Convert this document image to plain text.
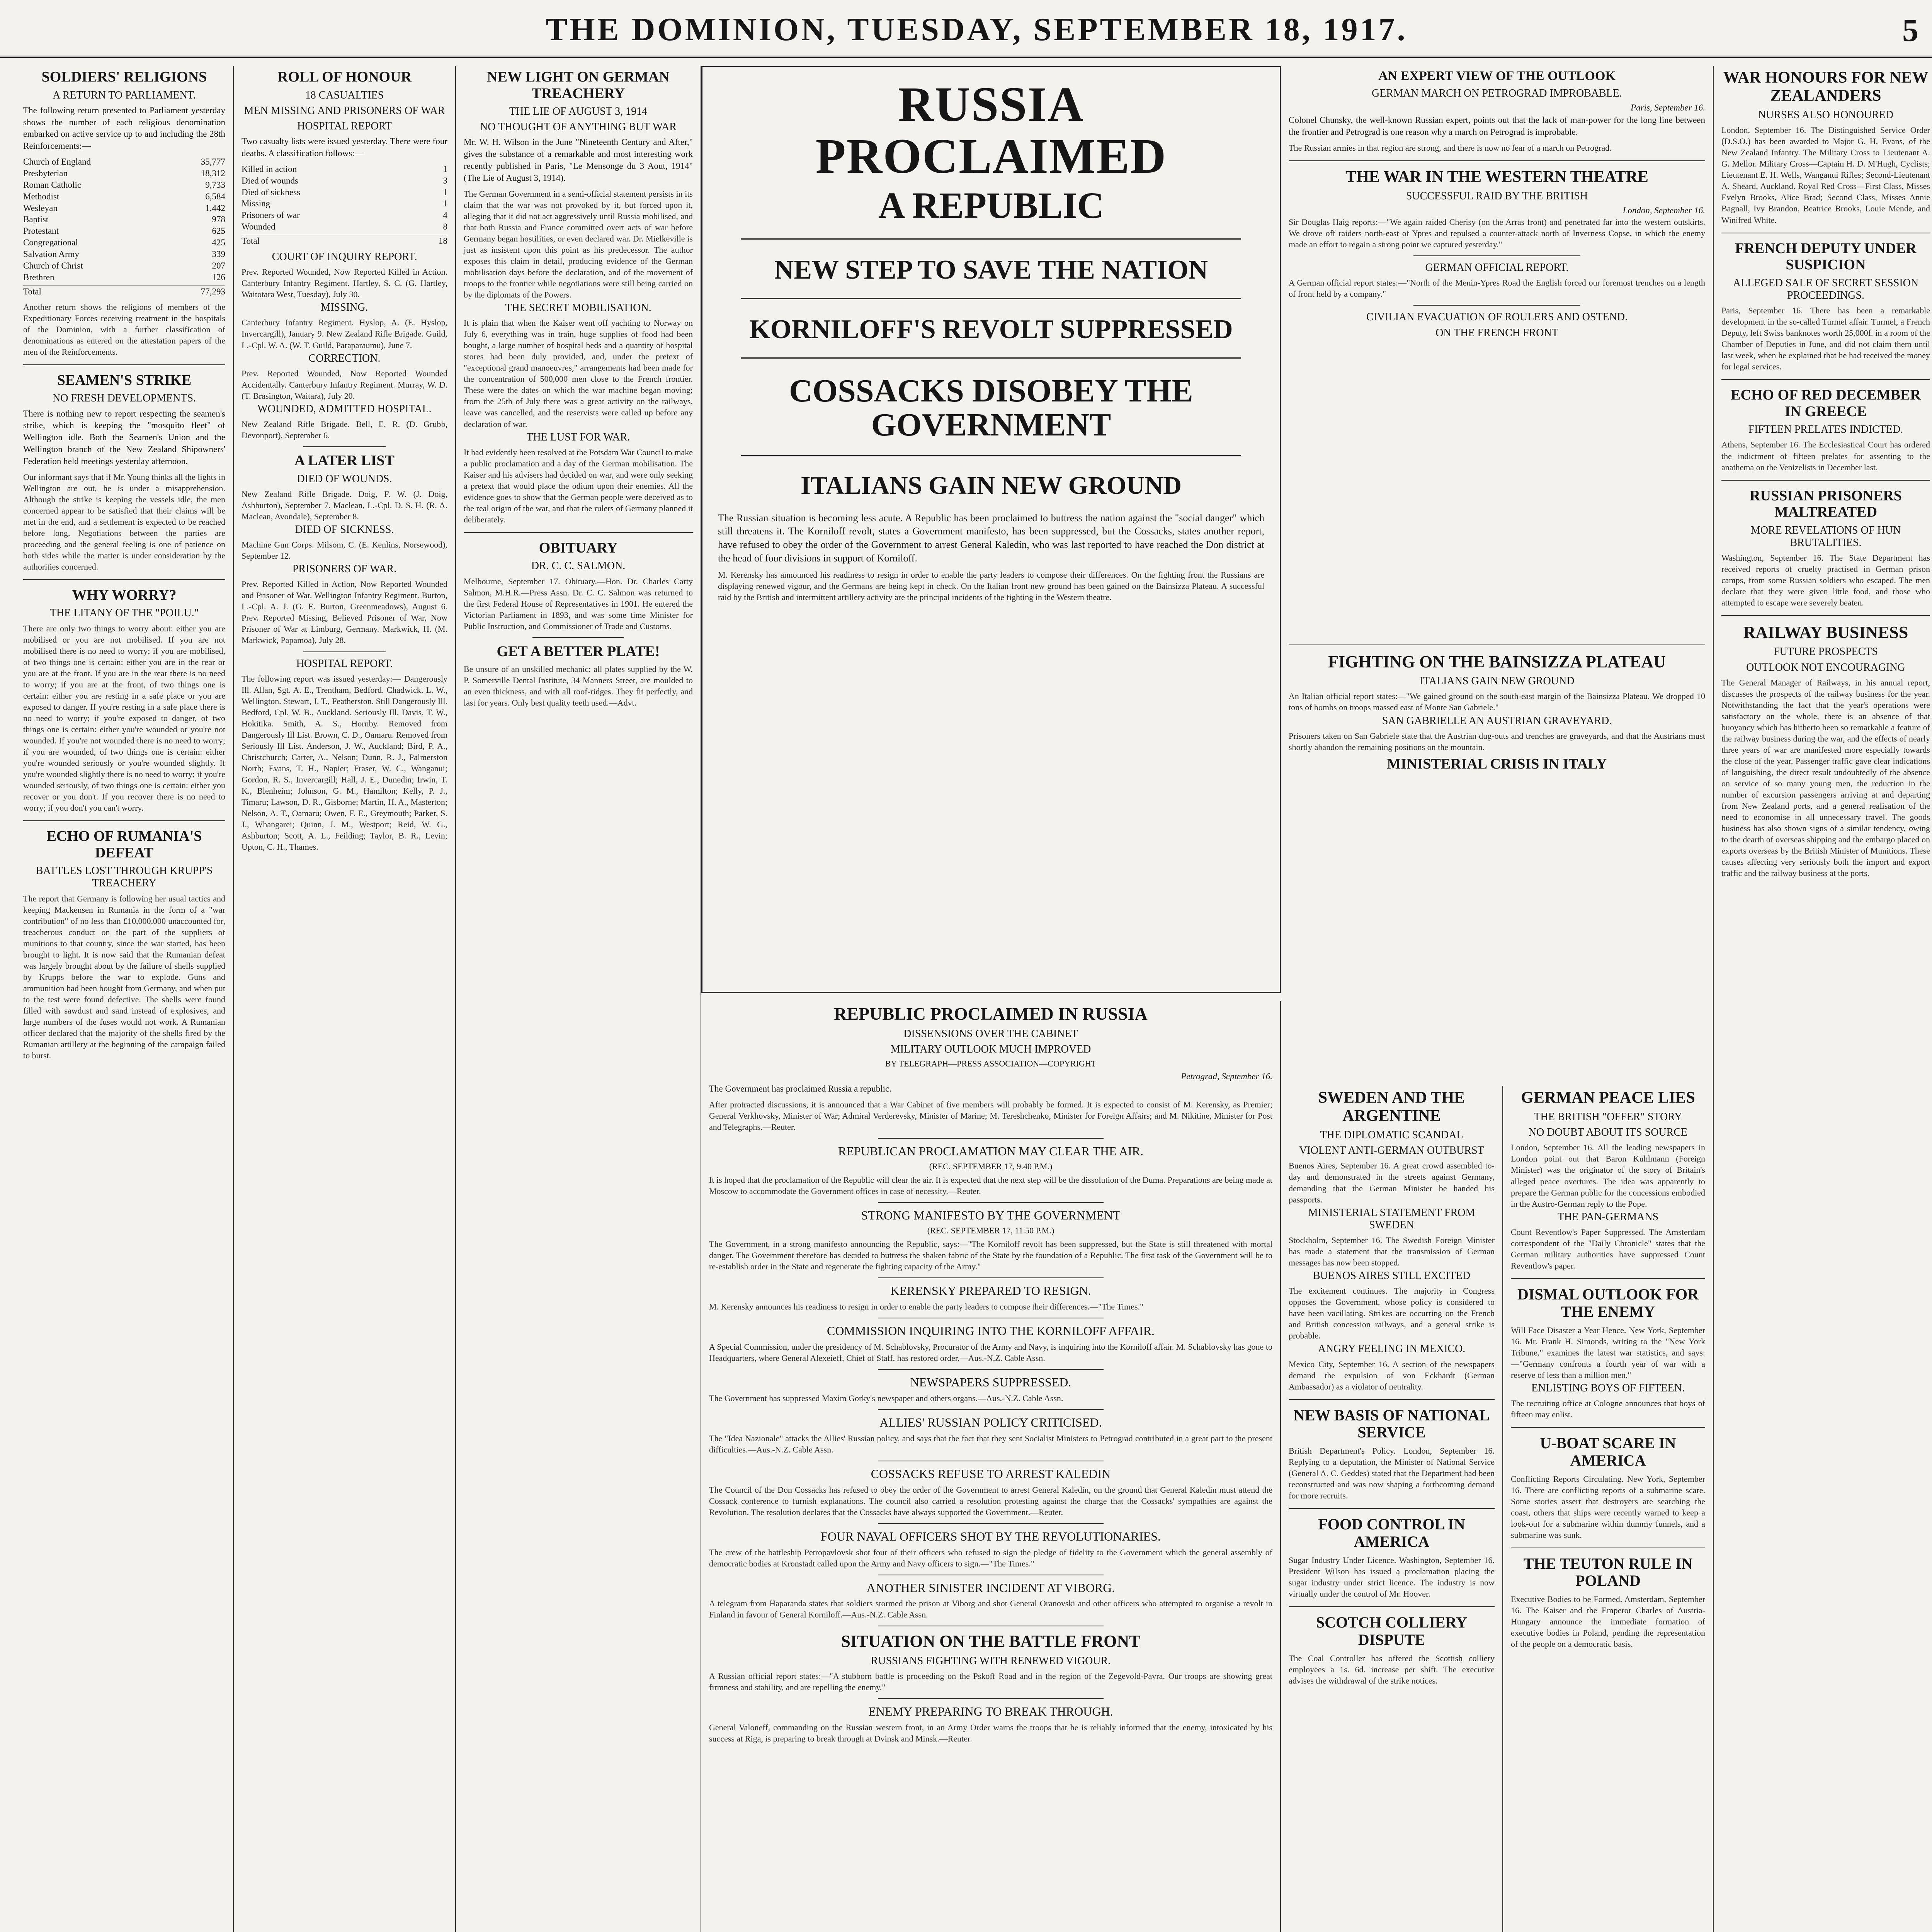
THE DOMINION, TUESDAY, SEPTEMBER 18, 1917.	5
SOLDIERS' RELIGIONS
A RETURN TO PARLIAMENT.
The following return presented to Parliament yesterday shows the number of each religious denomination embarked on active service up to and including the 28th Reinforcements:—
Church of England	35,777
Presbyterian	18,312
Roman Catholic	9,733
Methodist	6,584
Wesleyan	1,442
Baptist	978
Protestant	625
Congregational	425
Salvation Army	339
Church of Christ	207
Brethren	126
Total	77,293
Another return shows the religions of members of the Expeditionary Forces receiving treatment in the hospitals of the Dominion, with a further classification of denominations as entered on the attestation papers of the men of the Reinforcements.
SEAMEN'S STRIKE
NO FRESH DEVELOPMENTS.
There is nothing new to report respecting the seamen's strike, which is keeping the "mosquito fleet" of Wellington idle. Both the Seamen's Union and the Wellington branch of the New Zealand Shipowners' Federation held meetings yesterday afternoon.
Our informant says that if Mr. Young thinks all the lights in Wellington are out, he is under a misapprehension. Although the strike is keeping the vessels idle, the men concerned appear to be satisfied that their claims will be met in the end, and a settlement is expected to be reached before long. Negotiations between the parties are proceeding and the general feeling is one of patience on both sides while the matter is under consideration by the authorities concerned.
WHY WORRY?
THE LITANY OF THE "POILU."
There are only two things to worry about: either you are mobilised or you are not mobilised. If you are not mobilised there is no need to worry; if you are mobilised, of two things one is certain: either you are in the rear or you are at the front. If you are in the rear there is no need to worry; if you are at the front, of two things one is certain: either you are resting in a safe place or you are exposed to danger. If you're resting in a safe place there is no need to worry; if you're exposed to danger, of two things one is certain: either you're wounded or you're not wounded. If you're not wounded there is no need to worry; if you are wounded, of two things one is certain: either you're wounded seriously or you're wounded slightly. If you're wounded slightly there is no need to worry; if you're wounded seriously, of two things one is certain: either you recover or you don't. If you recover there is no need to worry; if you don't you can't worry.
ECHO OF RUMANIA'S DEFEAT
BATTLES LOST THROUGH KRUPP'S TREACHERY
The report that Germany is following her usual tactics and keeping Mackensen in Rumania in the form of a "war contribution" of no less than £10,000,000 unaccounted for, treacherous conduct on the part of the suppliers of munitions to that country, since the war started, has been brought to light. It is now said that the Rumanian defeat was largely brought about by the failure of shells supplied by Krupps before the war to explode. Guns and ammunition had been bought from Germany, and when put to the test were found defective. The shells were found filled with sawdust and sand instead of explosives, and large numbers of the fuses would not work. A Rumanian officer declared that the majority of the shells fired by the Rumanian artillery at the beginning of the campaign failed to burst.
ROLL OF HONOUR
18 CASUALTIES
MEN MISSING AND PRISONERS OF WAR
HOSPITAL REPORT
Two casualty lists were issued yesterday. There were four deaths. A classification follows:—
Killed in action	1
Died of wounds	3
Died of sickness	1
Missing	1
Prisoners of war	4
Wounded	8
Total	18
COURT OF INQUIRY REPORT.
Prev. Reported Wounded, Now Reported Killed in Action. Canterbury Infantry Regiment. Hartley, S. C. (G. Hartley, Waitotara West, Tuesday), July 30.
MISSING.
Canterbury Infantry Regiment. Hyslop, A. (E. Hyslop, Invercargill), January 9. New Zealand Rifle Brigade. Guild, L.-Cpl. W. A. (W. T. Guild, Paraparaumu), June 7.
CORRECTION.
Prev. Reported Wounded, Now Reported Wounded Accidentally. Canterbury Infantry Regiment. Murray, W. D. (T. Brasington, Waitara), July 20.
WOUNDED, ADMITTED HOSPITAL.
New Zealand Rifle Brigade. Bell, E. R. (D. Grubb, Devonport), September 6.
A LATER LIST
DIED OF WOUNDS.
New Zealand Rifle Brigade. Doig, F. W. (J. Doig, Ashburton), September 7. Maclean, L.-Cpl. D. S. H. (R. A. Maclean, Avondale), September 8.
DIED OF SICKNESS.
Machine Gun Corps. Milsom, C. (E. Kenlins, Norsewood), September 12.
PRISONERS OF WAR.
Prev. Reported Killed in Action, Now Reported Wounded and Prisoner of War. Wellington Infantry Regiment. Burton, L.-Cpl. A. J. (G. E. Burton, Greenmeadows), August 6. Prev. Reported Missing, Believed Prisoner of War, Now Prisoner of War at Limburg, Germany. Markwick, H. (M. Markwick, Papamoa), July 28.
HOSPITAL REPORT.
The following report was issued yesterday:— Dangerously Ill. Allan, Sgt. A. E., Trentham, Bedford. Chadwick, L. W., Wellington. Stewart, J. T., Featherston. Still Dangerously Ill. Bedford, Cpl. W. B., Auckland. Seriously Ill. Davis, T. W., Hokitika. Smith, A. S., Hornby. Removed from Dangerously Ill List. Brown, C. D., Oamaru. Removed from Seriously Ill List. Anderson, J. W., Auckland; Bird, P. A., Christchurch; Carter, A., Nelson; Dunn, R. J., Palmerston North; Evans, T. H., Napier; Fraser, W. C., Wanganui; Gordon, R. S., Invercargill; Hall, J. E., Dunedin; Irwin, T. K., Blenheim; Johnson, G. M., Hamilton; Kelly, P. J., Timaru; Lawson, D. R., Gisborne; Martin, H. A., Masterton; Nelson, A. T., Oamaru; Owen, F. E., Greymouth; Parker, S. J., Whangarei; Quinn, J. M., Westport; Reid, W. G., Ashburton; Scott, A. L., Feilding; Taylor, B. R., Levin; Upton, C. H., Thames.
NEW LIGHT ON GERMAN TREACHERY
THE LIE OF AUGUST 3, 1914
NO THOUGHT OF ANYTHING BUT WAR
Mr. W. H. Wilson in the June "Nineteenth Century and After," gives the substance of a remarkable and most interesting work recently published in Paris, "Le Mensonge du 3 Aout, 1914" (The Lie of August 3, 1914).
The German Government in a semi-official statement persists in its claim that the war was not provoked by it, but forced upon it, alleging that it did not act aggressively until Russia mobilised, and that both Russia and France committed overt acts of war before Germany began hostilities, or even declared war. Dr. Mielkeville is just as insistent upon this point as his predecessor. The author exposes this claim in detail, producing evidence of the German mobilisation days before the declaration, and of the movement of troops to the frontier while negotiations were still being carried on by the diplomats of the Powers.
THE SECRET MOBILISATION.
It is plain that when the Kaiser went off yachting to Norway on July 6, everything was in train, huge supplies of food had been bought, a large number of hospital beds and a quantity of hospital stores had been duly provided, and, under the pretext of "exceptional grand manoeuvres," arrangements had been made for the concentration of 500,000 men close to the French frontier. These were the dates on which the war machine began moving; from the 25th of July there was a great activity on the railways, leave was cancelled, and the reservists were called up before any declaration of war.
THE LUST FOR WAR.
It had evidently been resolved at the Potsdam War Council to make a public proclamation and a day of the German mobilisation. The Kaiser and his advisers had decided on war, and were only seeking a pretext that would place the odium upon their enemies. All the evidence goes to show that the German people were deceived as to the real origin of the war, and that the rulers of Germany planned it deliberately.
OBITUARY
DR. C. C. SALMON.
Melbourne, September 17. Obituary.—Hon. Dr. Charles Carty Salmon, M.H.R.—Press Assn. Dr. C. C. Salmon was returned to the first Federal House of Representatives in 1901. He entered the Victorian Parliament in 1893, and was some time Minister for Public Instruction, and Commissioner of Trade and Customs.
GET A BETTER PLATE!
Be unsure of an unskilled mechanic; all plates supplied by the W. P. Somerville Dental Institute, 34 Manners Street, are moulded to an even thickness, and with all roof-ridges. They fit perfectly, and last for years. Only best quality teeth used.—Advt.
RUSSIA PROCLAIMED
A REPUBLIC
NEW STEP TO SAVE THE NATION
KORNILOFF'S REVOLT SUPPRESSED
COSSACKS DISOBEY THE GOVERNMENT
ITALIANS GAIN NEW GROUND
The Russian situation is becoming less acute. A Republic has been proclaimed to buttress the nation against the "social danger" which still threatens it. The Korniloff revolt, states a Government manifesto, has been suppressed, but the Cossacks, states another report, have refused to obey the order of the Government to arrest General Kaledin, who was last reported to have reached the Don district at the head of four divisions in support of Korniloff.
M. Kerensky has announced his readiness to resign in order to enable the party leaders to compose their differences. On the fighting front the Russians are displaying renewed vigour, and the Germans are being kept in check. On the Italian front new ground has been gained on the Bainsizza Plateau. A successful raid by the British and intermittent artillery activity are the principal incidents of the fighting in the Western theatre.
REPUBLIC PROCLAIMED IN RUSSIA
DISSENSIONS OVER THE CABINET
MILITARY OUTLOOK MUCH IMPROVED
BY TELEGRAPH—PRESS ASSOCIATION—COPYRIGHT
Petrograd, September 16.
The Government has proclaimed Russia a republic.
After protracted discussions, it is announced that a War Cabinet of five members will probably be formed. It is expected to consist of M. Kerensky, as Premier; General Verkhovsky, Minister of War; Admiral Verderevsky, Minister of Marine; M. Tereshchenko, Minister for Foreign Affairs; and M. Nikitine, Minister for Post and Telegraphs.—Reuter.
REPUBLICAN PROCLAMATION MAY CLEAR THE AIR.
(REC. SEPTEMBER 17, 9.40 P.M.)
It is hoped that the proclamation of the Republic will clear the air. It is expected that the next step will be the dissolution of the Duma. Preparations are being made at Moscow to accommodate the Government offices in case of necessity.—Reuter.
STRONG MANIFESTO BY THE GOVERNMENT
(REC. SEPTEMBER 17, 11.50 P.M.)
The Government, in a strong manifesto announcing the Republic, says:—"The Korniloff revolt has been suppressed, but the State is still threatened with mortal danger. The Government therefore has decided to buttress the shaken fabric of the State by the foundation of a Republic. The first task of the Government will be to re-establish order in the State and regenerate the fighting capacity of the Army."
KERENSKY PREPARED TO RESIGN.
M. Kerensky announces his readiness to resign in order to enable the party leaders to compose their differences.—"The Times."
COMMISSION INQUIRING INTO THE KORNILOFF AFFAIR.
A Special Commission, under the presidency of M. Schablovsky, Procurator of the Army and Navy, is inquiring into the Korniloff affair. M. Schablovsky has gone to Headquarters, where General Alexeieff, Chief of Staff, has restored order.—Aus.-N.Z. Cable Assn.
NEWSPAPERS SUPPRESSED.
The Government has suppressed Maxim Gorky's newspaper and others organs.—Aus.-N.Z. Cable Assn.
ALLIES' RUSSIAN POLICY CRITICISED.
The "Idea Nazionale" attacks the Allies' Russian policy, and says that the fact that they sent Socialist Ministers to Petrograd contributed in a great part to the present difficulties.—Aus.-N.Z. Cable Assn.
COSSACKS REFUSE TO ARREST KALEDIN
The Council of the Don Cossacks has refused to obey the order of the Government to arrest General Kaledin, on the ground that General Kaledin must attend the Cossack conference to furnish explanations. The council also carried a resolution protesting against the charge that the Cossacks' sympathies are against the Revolution. The resolution declares that the Cossacks have always supported the Government.—Reuter.
FOUR NAVAL OFFICERS SHOT BY THE REVOLUTIONARIES.
The crew of the battleship Petropavlovsk shot four of their officers who refused to sign the pledge of fidelity to the Government which the general assembly of democratic bodies at Kronstadt called upon the Army and Navy officers to sign.—"The Times."
ANOTHER SINISTER INCIDENT AT VIBORG.
A telegram from Haparanda states that soldiers stormed the prison at Viborg and shot General Oranovski and other officers who attempted to organise a revolt in Finland in favour of General Korniloff.—Aus.-N.Z. Cable Assn.
SITUATION ON THE BATTLE FRONT
RUSSIANS FIGHTING WITH RENEWED VIGOUR.
A Russian official report states:—"A stubborn battle is proceeding on the Pskoff Road and in the region of the Zegevold-Pavra. Our troops are showing great firmness and stability, and are repelling the enemy."
ENEMY PREPARING TO BREAK THROUGH.
General Valoneff, commanding on the Russian western front, in an Army Order warns the troops that he is reliably informed that the enemy, intoxicated by his success at Riga, is preparing to break through at Dvinsk and Minsk.—Reuter.
AN EXPERT VIEW OF THE OUTLOOK
GERMAN MARCH ON PETROGRAD IMPROBABLE.
Paris, September 16.
Colonel Chunsky, the well-known Russian expert, points out that the lack of man-power for the long line between the frontier and Petrograd is one reason why a march on Petrograd is improbable.
The Russian armies in that region are strong, and there is now no fear of a march on Petrograd.
THE WAR IN THE WESTERN THEATRE
SUCCESSFUL RAID BY THE BRITISH
London, September 16.
Sir Douglas Haig reports:—"We again raided Cherisy (on the Arras front) and penetrated far into the western outskirts. We drove off raiders north-east of Ypres and repulsed a counter-attack north of Inverness Copse, in which the enemy made an effort to regain a strong point we captured yesterday."
GERMAN OFFICIAL REPORT.
A German official report states:—"North of the Menin-Ypres Road the English forced our foremost trenches on a length of front held by a company."
CIVILIAN EVACUATION OF ROULERS AND OSTEND.
ON THE FRENCH FRONT
FIGHTING ON THE BAINSIZZA PLATEAU
ITALIANS GAIN NEW GROUND
An Italian official report states:—"We gained ground on the south-east margin of the Bainsizza Plateau. We dropped 10 tons of bombs on troops massed east of Monte San Gabriele."
SAN GABRIELLE AN AUSTRIAN GRAVEYARD.
Prisoners taken on San Gabriele state that the Austrian dug-outs and trenches are graveyards, and that the Austrians must shortly abandon the remaining positions on the mountain.
MINISTERIAL CRISIS IN ITALY
SWEDEN AND THE ARGENTINE
THE DIPLOMATIC SCANDAL
VIOLENT ANTI-GERMAN OUTBURST
Buenos Aires, September 16. A great crowd assembled to-day and demonstrated in the streets against Germany, demanding that the German Minister be handed his passports.
MINISTERIAL STATEMENT FROM SWEDEN
Stockholm, September 16. The Swedish Foreign Minister has made a statement that the transmission of German messages has now been stopped.
BUENOS AIRES STILL EXCITED
The excitement continues. The majority in Congress opposes the Government, whose policy is considered to have been vacillating. Strikes are occurring on the French and British concession railways, and a general strike is probable.
ANGRY FEELING IN MEXICO.
Mexico City, September 16. A section of the newspapers demand the expulsion of von Eckhardt (German Ambassador) as a violator of neutrality.
NEW BASIS OF NATIONAL SERVICE
British Department's Policy. London, September 16. Replying to a deputation, the Minister of National Service (General A. C. Geddes) stated that the Department had been reconstructed and was now shaping a forthcoming demand for more recruits.
FOOD CONTROL IN AMERICA
Sugar Industry Under Licence. Washington, September 16. President Wilson has issued a proclamation placing the sugar industry under strict licence. The industry is now virtually under the control of Mr. Hoover.
SCOTCH COLLIERY DISPUTE
The Coal Controller has offered the Scottish colliery employees a 1s. 6d. increase per shift. The executive advises the withdrawal of the strike notices.
GERMAN PEACE LIES
THE BRITISH "OFFER" STORY
NO DOUBT ABOUT ITS SOURCE
London, September 16. All the leading newspapers in London point out that Baron Kuhlmann (Foreign Minister) was the originator of the story of Britain's alleged peace overtures. The idea was apparently to prepare the German public for the concessions embodied in the Austro-German reply to the Pope.
THE PAN-GERMANS
Count Reventlow's Paper Suppressed. The Amsterdam correspondent of the "Daily Chronicle" states that the German military authorities have suppressed Count Reventlow's paper.
DISMAL OUTLOOK FOR THE ENEMY
Will Face Disaster a Year Hence. New York, September 16. Mr. Frank H. Simonds, writing to the "New York Tribune," examines the latest war statistics, and says:—"Germany confronts a fourth year of war with a reserve of less than a million men."
ENLISTING BOYS OF FIFTEEN.
The recruiting office at Cologne announces that boys of fifteen may enlist.
U-BOAT SCARE IN AMERICA
Conflicting Reports Circulating. New York, September 16. There are conflicting reports of a submarine scare. Some stories assert that destroyers are searching the coast, others that ships were recently warned to keep a look-out for a submarine within dummy funnels, and a submarine was sunk.
THE TEUTON RULE IN POLAND
Executive Bodies to be Formed. Amsterdam, September 16. The Kaiser and the Emperor Charles of Austria-Hungary announce the immediate formation of executive bodies in Poland, pending the representation of the people on a democratic basis.
WAR HONOURS FOR NEW ZEALANDERS
NURSES ALSO HONOURED
London, September 16. The Distinguished Service Order (D.S.O.) has been awarded to Major G. H. Evans, of the New Zealand Infantry. The Military Cross to Lieutenant A. G. Mellor. Military Cross—Captain H. D. M'Hugh, Cyclists; Lieutenant E. H. Wells, Wanganui Rifles; Second-Lieutenant A. Sheard, Auckland. Royal Red Cross—First Class, Misses Evelyn Brooks, Alice Brad; Second Class, Misses Annie Bagnall, Ivy Brandon, Beatrice Brooks, Louie Mende, and Winifred White.
FRENCH DEPUTY UNDER SUSPICION
ALLEGED SALE OF SECRET SESSION PROCEEDINGS.
Paris, September 16. There has been a remarkable development in the so-called Turmel affair. Turmel, a French Deputy, left Swiss banknotes worth 25,000f. in a room of the Chamber of Deputies in June, and did not claim them until last week, when he explained that he had received the money for legal services.
ECHO OF RED DECEMBER IN GREECE
FIFTEEN PRELATES INDICTED.
Athens, September 16. The Ecclesiastical Court has ordered the indictment of fifteen prelates for assenting to the anathema on the Venizelists in December last.
RUSSIAN PRISONERS MALTREATED
MORE REVELATIONS OF HUN BRUTALITIES.
Washington, September 16. The State Department has received reports of cruelty practised in German prison camps, from some Russian soldiers who escaped. The men declare that they were given little food, and those who attempted to escape were severely beaten.
RAILWAY BUSINESS
FUTURE PROSPECTS
OUTLOOK NOT ENCOURAGING
The General Manager of Railways, in his annual report, discusses the prospects of the railway business for the year. Notwithstanding the fact that the year's operations were satisfactory on the whole, there is an absence of that buoyancy which has hitherto been so remarkable a feature of the railway business during the war, and the effects of nearly three years of war are manifested more especially towards the close of the year. Passenger traffic gave clear indications of languishing, the direct result undoubtedly of the absence on service of so many young men, the reduction in the number of excursion passengers arriving at and departing from New Zealand ports, and a general realisation of the need to economise in all unnecessary travel. The goods business has also shown signs of a similar tendency, owing to the dearth of overseas shipping and the embargo placed on exports overseas by the British Minister of Munitions. These causes affecting very seriously both the import and export traffic and the railway business at the ports.
